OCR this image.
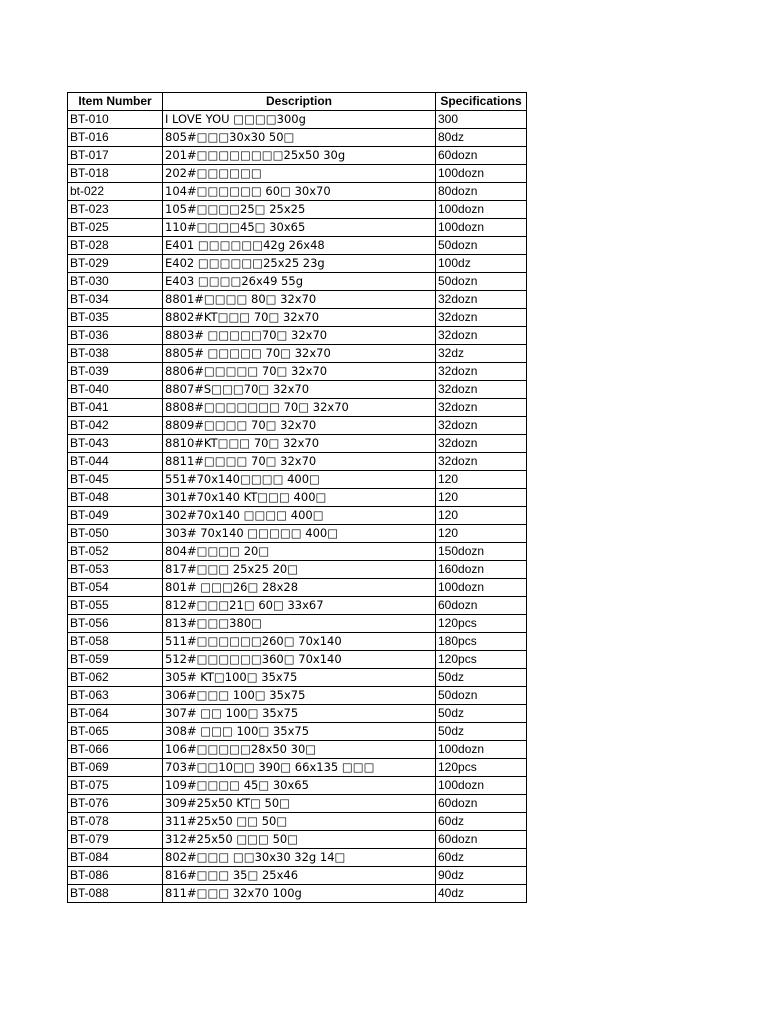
Item Number	Description	Specifications
BT-010	I LOVE YOU □□□□300g	300
BT-016	805#□□□30x30 50□	80dz
BT-017	201#□□□□□□□□25x50 30g	60dozn
BT-018	202#□□□□□□	100dozn
bt-022	104#□□□□□□ 60□ 30x70	80dozn
BT-023	105#□□□□25□ 25x25	100dozn
BT-025	110#□□□□45□ 30x65	100dozn
BT-028	E401 □□□□□□42g 26x48	50dozn
BT-029	E402 □□□□□□25x25 23g	100dz
BT-030	E403 □□□□26x49 55g	50dozn
BT-034	8801#□□□□ 80□ 32x70	32dozn
BT-035	8802#KT□□□ 70□ 32x70	32dozn
BT-036	8803# □□□□□70□ 32x70	32dozn
BT-038	8805# □□□□□ 70□ 32x70	32dz
BT-039	8806#□□□□□ 70□ 32x70	32dozn
BT-040	8807#S□□□70□ 32x70	32dozn
BT-041	8808#□□□□□□□ 70□ 32x70	32dozn
BT-042	8809#□□□□ 70□ 32x70	32dozn
BT-043	8810#KT□□□ 70□ 32x70	32dozn
BT-044	8811#□□□□ 70□ 32x70	32dozn
BT-045	551#70x140□□□□ 400□	120
BT-048	301#70x140 KT□□□ 400□	120
BT-049	302#70x140 □□□□ 400□	120
BT-050	303# 70x140 □□□□□ 400□	120
BT-052	804#□□□□ 20□	150dozn
BT-053	817#□□□ 25x25 20□	160dozn
BT-054	801# □□□26□ 28x28	100dozn
BT-055	812#□□□21□ 60□ 33x67	60dozn
BT-056	813#□□□380□	120pcs
BT-058	511#□□□□□□260□ 70x140	180pcs
BT-059	512#□□□□□□360□ 70x140	120pcs
BT-062	305# KT□100□ 35x75	50dz
BT-063	306#□□□ 100□ 35x75	50dozn
BT-064	307# □□ 100□ 35x75	50dz
BT-065	308# □□□ 100□ 35x75	50dz
BT-066	106#□□□□□28x50 30□	100dozn
BT-069	703#□□10□□ 390□ 66x135 □□□	120pcs
BT-075	109#□□□□ 45□ 30x65	100dozn
BT-076	309#25x50 KT□ 50□	60dozn
BT-078	311#25x50 □□ 50□	60dz
BT-079	312#25x50 □□□ 50□	60dozn
BT-084	802#□□□ □□30x30 32g 14□	60dz
BT-086	816#□□□ 35□ 25x46	90dz
BT-088	811#□□□ 32x70 100g	40dz
